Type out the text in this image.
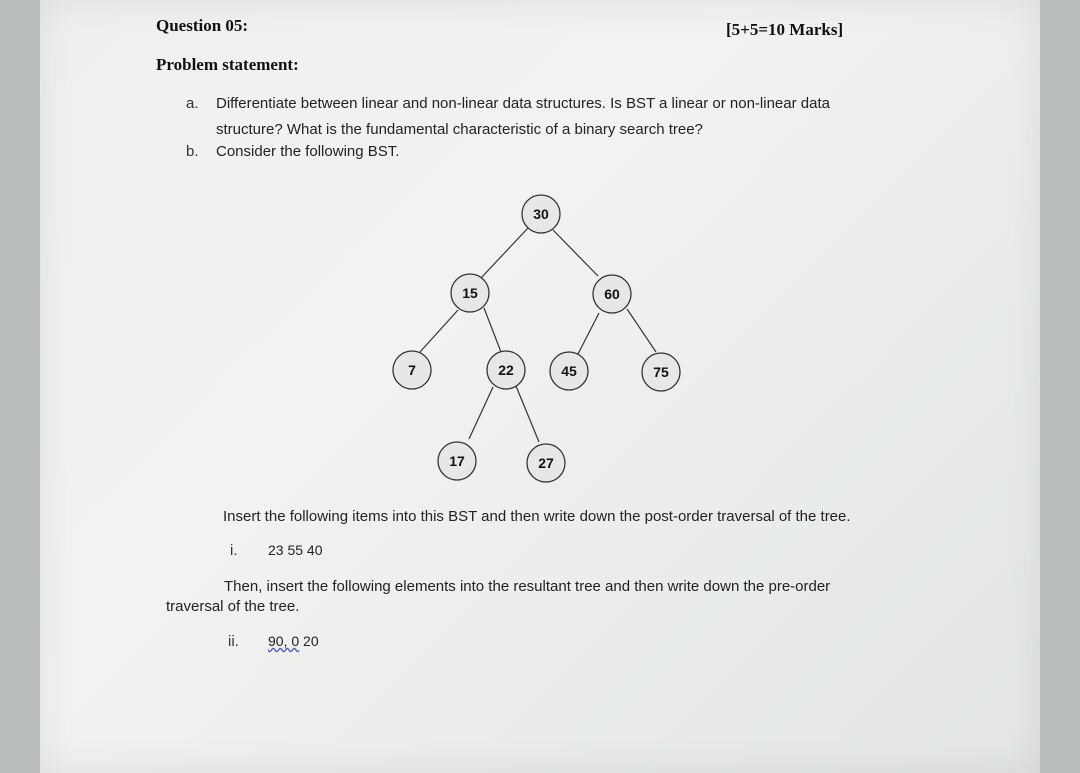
Question 05:	[5+5=10 Marks]
Problem statement:
a. Differentiate between linear and non-linear data structures. Is BST a linear or non-linear data
structure? What is the fundamental characteristic of a binary search tree?
b. Consider the following BST.
30
15	60
7	22	45	75
17	27
Insert the following items into this BST and then write down the post-order traversal of the tree.
i. 23 55 40
Then, insert the following elements into the resultant tree and then write down the pre-order
traversal of the tree.
ii. 90, 0 20
